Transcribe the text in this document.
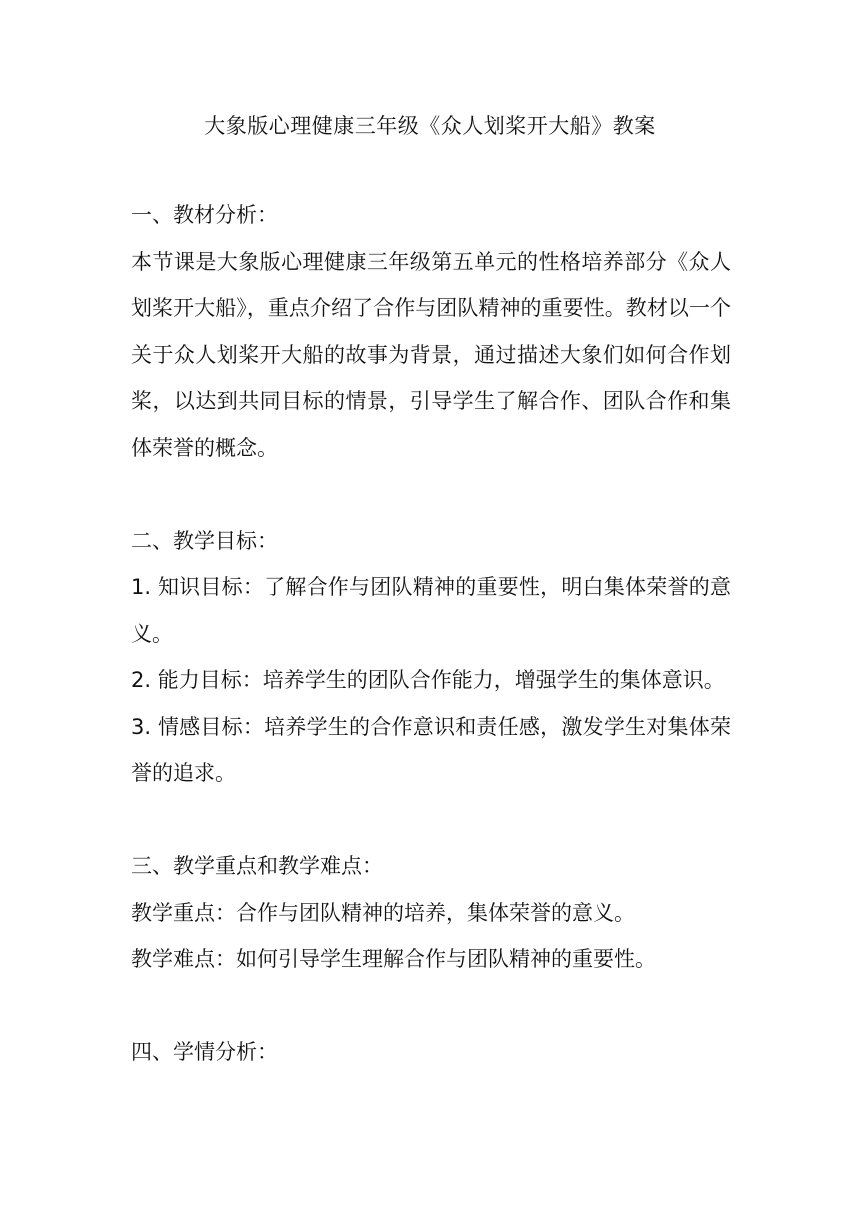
大象版心理健康三年级《众人划桨开大船》教案

一、教材分析：

本节课是大象版心理健康三年级第五单元的性格培养部分《众人划桨开大船》，重点介绍了合作与团队精神的重要性。教材以一个关于众人划桨开大船的故事为背景，通过描述大象们如何合作划桨，以达到共同目标的情景，引导学生了解合作、团队合作和集体荣誉的概念。

二、教学目标：

1. 知识目标：了解合作与团队精神的重要性，明白集体荣誉的意义。

2. 能力目标：培养学生的团队合作能力，增强学生的集体意识。

3. 情感目标：培养学生的合作意识和责任感，激发学生对集体荣誉的追求。

三、教学重点和教学难点：

教学重点：合作与团队精神的培养，集体荣誉的意义。

教学难点：如何引导学生理解合作与团队精神的重要性。

四、学情分析：
